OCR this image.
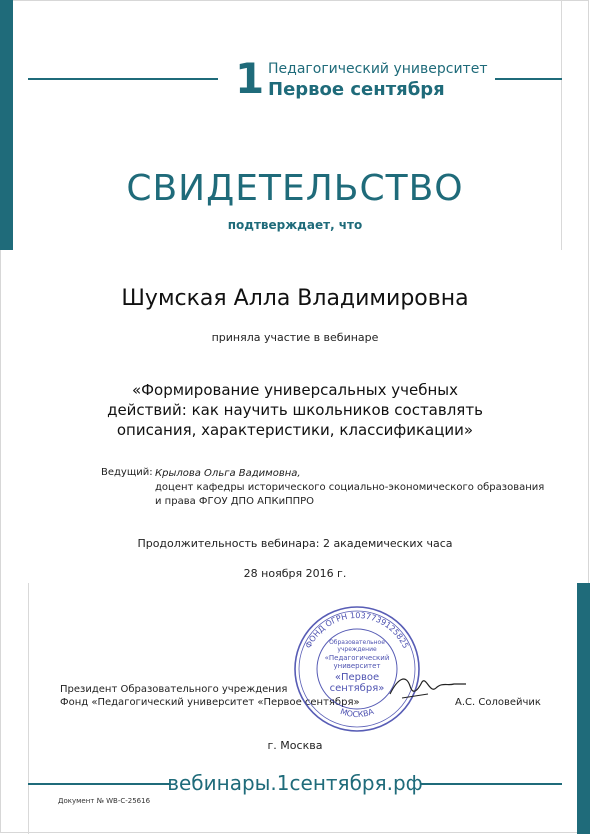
1 Педагогический университет
Первое сентября
СВИДЕТЕЛЬСТВО
подтверждает, что
Шумская Алла Владимировна
приняла участие в вебинаре
«Формирование универсальных учебных
действий: как научить школьников составлять
описания, характеристики, классификации»
Ведущий: Крылова Ольга Вадимовна,
доцент кафедры исторического социально-экономического образования
и права ФГОУ ДПО АПКиППРО
Продолжительность вебинара: 2 академических часа
28 ноября 2016 г.
Президент Образовательного учреждения
Фонд «Педагогический университет «Первое сентября»	А.С. Соловейчик
ФОНД ОГРН 1037739125825
МОСКВА
Образовательное
учреждение
«Педагогический
университет
«Первое
сентября»
г. Москва
вебинары.1сентября.рф
Документ № WB-C-25616
